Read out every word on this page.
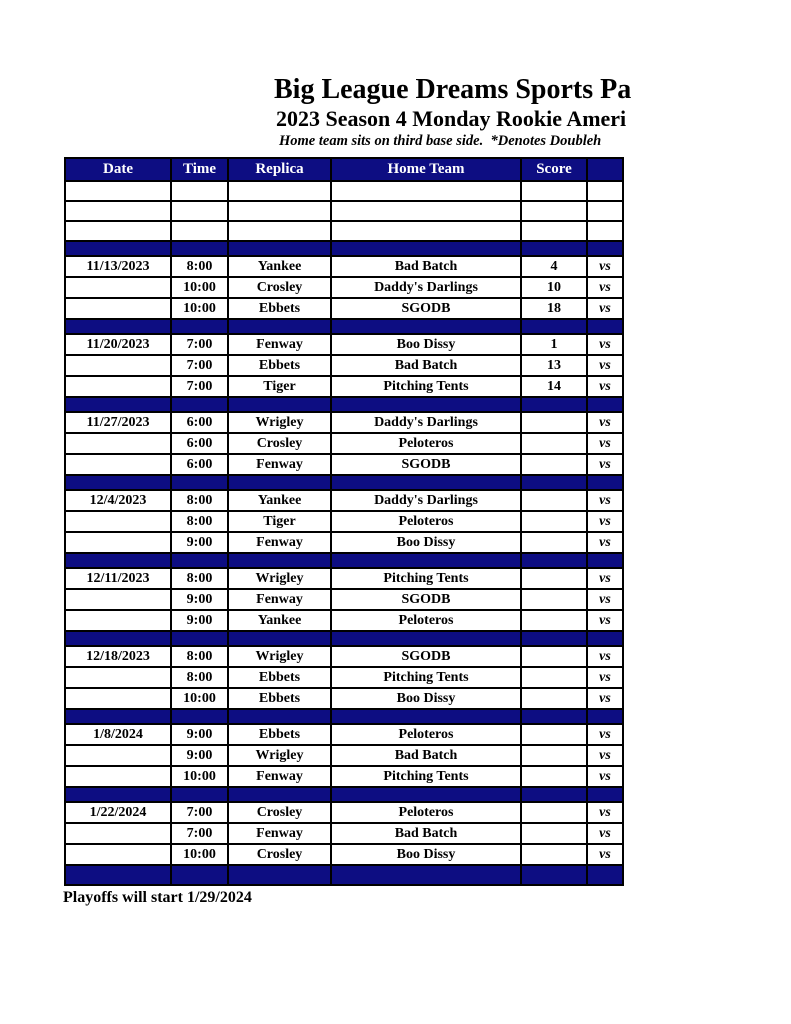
Big League Dreams Sports Pa
2023 Season 4 Monday Rookie Ameri
Home team sits on third base side.  *Denotes Doubleh
Date	Time	Replica	Home Team	Score	

11/13/2023	8:00	Yankee	Bad Batch	4	vs
	10:00	Crosley	Daddy's Darlings	10	vs
	10:00	Ebbets	SGODB	18	vs

11/20/2023	7:00	Fenway	Boo Dissy	1	vs
	7:00	Ebbets	Bad Batch	13	vs
	7:00	Tiger	Pitching Tents	14	vs

11/27/2023	6:00	Wrigley	Daddy's Darlings		vs
	6:00	Crosley	Peloteros		vs
	6:00	Fenway	SGODB		vs

12/4/2023	8:00	Yankee	Daddy's Darlings		vs
	8:00	Tiger	Peloteros		vs
	9:00	Fenway	Boo Dissy		vs

12/11/2023	8:00	Wrigley	Pitching Tents		vs
	9:00	Fenway	SGODB		vs
	9:00	Yankee	Peloteros		vs

12/18/2023	8:00	Wrigley	SGODB		vs
	8:00	Ebbets	Pitching Tents		vs
	10:00	Ebbets	Boo Dissy		vs

1/8/2024	9:00	Ebbets	Peloteros		vs
	9:00	Wrigley	Bad Batch		vs
	10:00	Fenway	Pitching Tents		vs

1/22/2024	7:00	Crosley	Peloteros		vs
	7:00	Fenway	Bad Batch		vs
	10:00	Crosley	Boo Dissy		vs

Playoffs will start 1/29/2024
